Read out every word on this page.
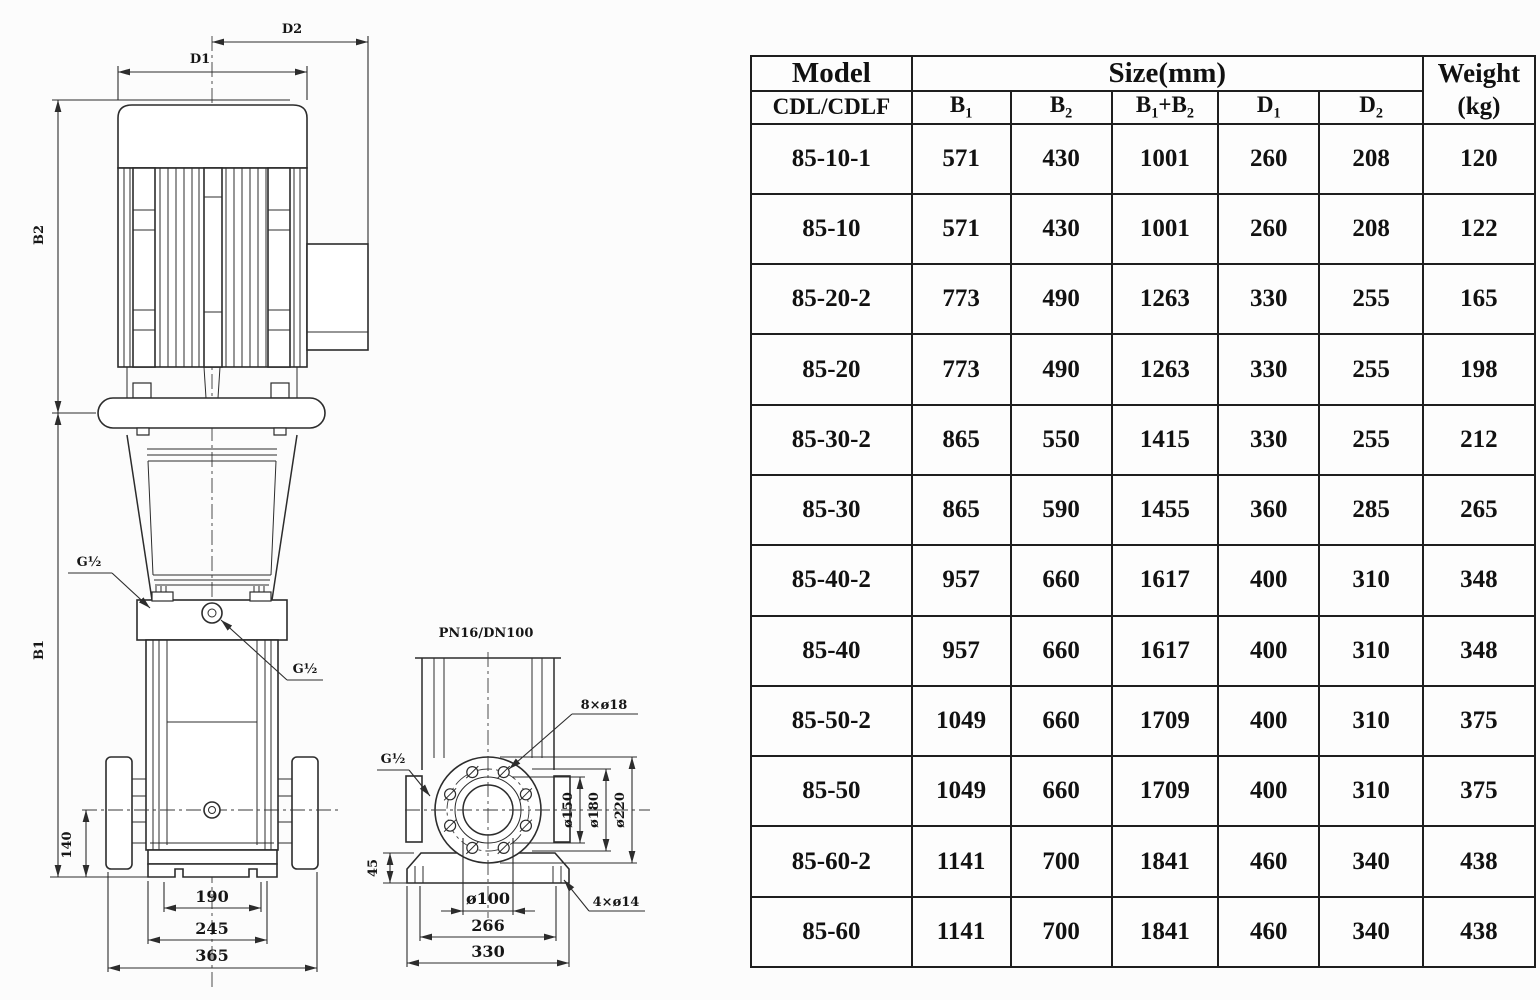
D2
D1
B2
B1
140
190
245
365
G½
G½
PN16/DN100
ø150 ø180 ø220
45
ø100
266
330
8×ø18
4×ø14
G½
Model	Size(mm)					Weight
(kg)

CDL/CDLF	$B_1$	$B_2$	$B_1+B_2$	$D_1$	$D_2$
85-10-1	571	430	1001	260	208	120
85-10	571	430	1001	260	208	122
85-20-2	773	490	1263	330	255	165
85-20	773	490	1263	330	255	198
85-30-2	865	550	1415	330	255	212
85-30	865	590	1455	360	285	265
85-40-2	957	660	1617	400	310	348
85-40	957	660	1617	400	310	348
85-50-2	1049	660	1709	400	310	375
85-50	1049	660	1709	400	310	375
85-60-2	1141	700	1841	460	340	438
85-60	1141	700	1841	460	340	438
